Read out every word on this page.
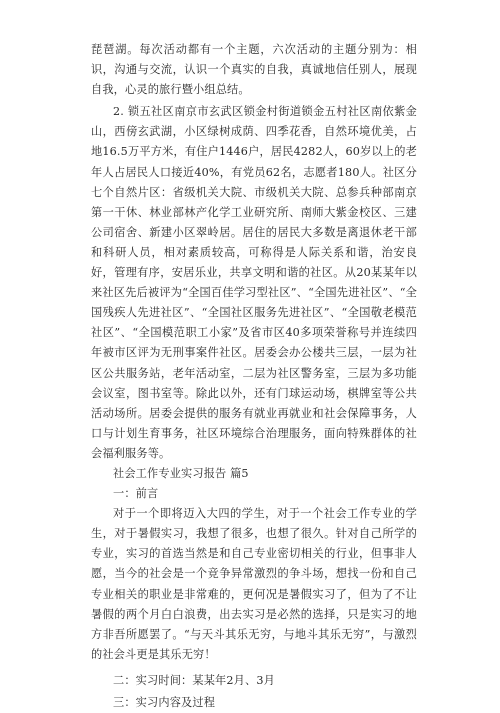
琵琶湖。每次活动都有一个主题，六次活动的主题分别为：相识，沟通与交流，认识一个真实的自我，真诚地信任别人，展现自我，心灵的旅行暨小组总结。

2. 锁五社区南京市玄武区锁金村街道锁金五村社区南依紫金山，西傍玄武湖，小区绿树成荫、四季花香，自然环境优美，占地16.5万平方米，有住户1446户，居民4282人，60岁以上的老年人占居民人口接近40%，有党员62名，志愿者180人。社区分七个自然片区：省级机关大院、市级机关大院、总参兵种部南京第一干休、林业部林产化学工业研究所、南师大紫金校区、三建公司宿舍、新建小区翠岭居。居住的居民大多数是离退休老干部和科研人员，相对素质较高，可称得是人际关系和谐，治安良好，管理有序，安居乐业，共享文明和谐的社区。从20某某年以来社区先后被评为“全国百佳学习型社区”、“全国先进社区”、“全国残疾人先进社区”、“全国社区服务先进社区”、“全国敬老模范社区”、“全国模范职工小家”及省市区40多项荣誉称号并连续四年被市区评为无刑事案件社区。居委会办公楼共三层，一层为社区公共服务站，老年活动室，二层为社区警务室，三层为多功能会议室，图书室等。除此以外，还有门球运动场，棋牌室等公共活动场所。居委会提供的服务有就业再就业和社会保障事务，人口与计划生育事务，社区环境综合治理服务，面向特殊群体的社会福利服务等。

社会工作专业实习报告 篇5

一：前言

对于一个即将迈入大四的学生，对于一个社会工作专业的学生，对于暑假实习，我想了很多，也想了很久。针对自己所学的专业，实习的首选当然是和自己专业密切相关的行业，但事非人愿，当今的社会是一个竞争异常激烈的争斗场，想找一份和自己专业相关的职业是非常难的，更何况是暑假实习了，但为了不让暑假的两个月白白浪费，出去实习是必然的选择，只是实习的地方非吾所愿罢了。“与天斗其乐无穷，与地斗其乐无穷”，与激烈的社会斗更是其乐无穷！

二：实习时间：某某年2月、3月

三：实习内容及过程
